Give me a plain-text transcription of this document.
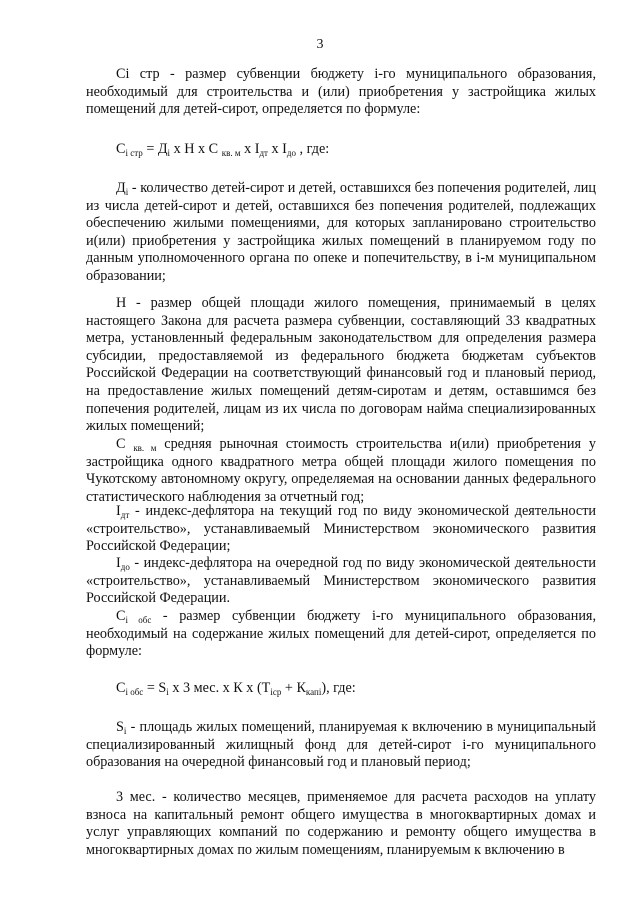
3

Сi стр - размер субвенции бюджету i-го муниципального образования, необходимый для строительства и (или) приобретения у застройщика жилых помещений для детей-сирот, определяется по формуле:

$С_{i стр} = Д_i$ х Н х С $_{кв. м}$ х $I_{дт}$ х $I_{до}$ , где:

$Д_i$ - количество детей-сирот и детей, оставшихся без попечения родителей, лиц из числа детей-сирот и детей, оставшихся без попечения родителей, подлежащих обеспечению жилыми помещениями, для которых запланировано строительство и(или) приобретения у застройщика жилых помещений в планируемом году по данным уполномоченного органа по опеке и попечительству, в i-м муниципальном образовании;

Н - размер общей площади жилого помещения, принимаемый в целях настоящего Закона для расчета размера субвенции, составляющий 33 квадратных метра, установленный федеральным законодательством для определения размера субсидии, предоставляемой из федерального бюджета бюджетам субъектов Российской Федерации на соответствующий финансовый год и плановый период, на предоставление жилых помещений детям-сиротам и детям, оставшимся без попечения родителей, лицам из их числа по договорам найма специализированных жилых помещений;

С $_{кв. м}$ средняя рыночная стоимость строительства и(или) приобретения у застройщика одного квадратного метра общей площади жилого помещения по Чукотскому автономному округу, определяемая на основании данных федерального статистического наблюдения за отчетный год;

$I_{дт}$ - индекс-дефлятора на текущий год по виду экономической деятельности «строительство», устанавливаемый Министерством экономического развития Российской Федерации;

$I_{до}$ - индекс-дефлятора на очередной год по виду экономической деятельности «строительство», устанавливаемый Министерством экономического развития Российской Федерации.

$С_{i обс}$ - размер субвенции бюджету i-го муниципального образования, необходимый на содержание жилых помещений для детей-сирот, определяется по формуле:

$С_{i обс} = S_i$ х 3 мес. х К х $(Т_{iср} + К_{капi})$, где:

$S_i$ - площадь жилых помещений, планируемая к включению в муниципальный специализированный жилищный фонд для детей-сирот i-го муниципального образования на очередной финансовый год и плановый период;

3 мес. - количество месяцев, применяемое для расчета расходов на уплату взноса на капитальный ремонт общего имущества в многоквартирных домах и услуг управляющих компаний по содержанию и ремонту общего имущества в многоквартирных домах по жилым помещениям, планируемым к включению в
